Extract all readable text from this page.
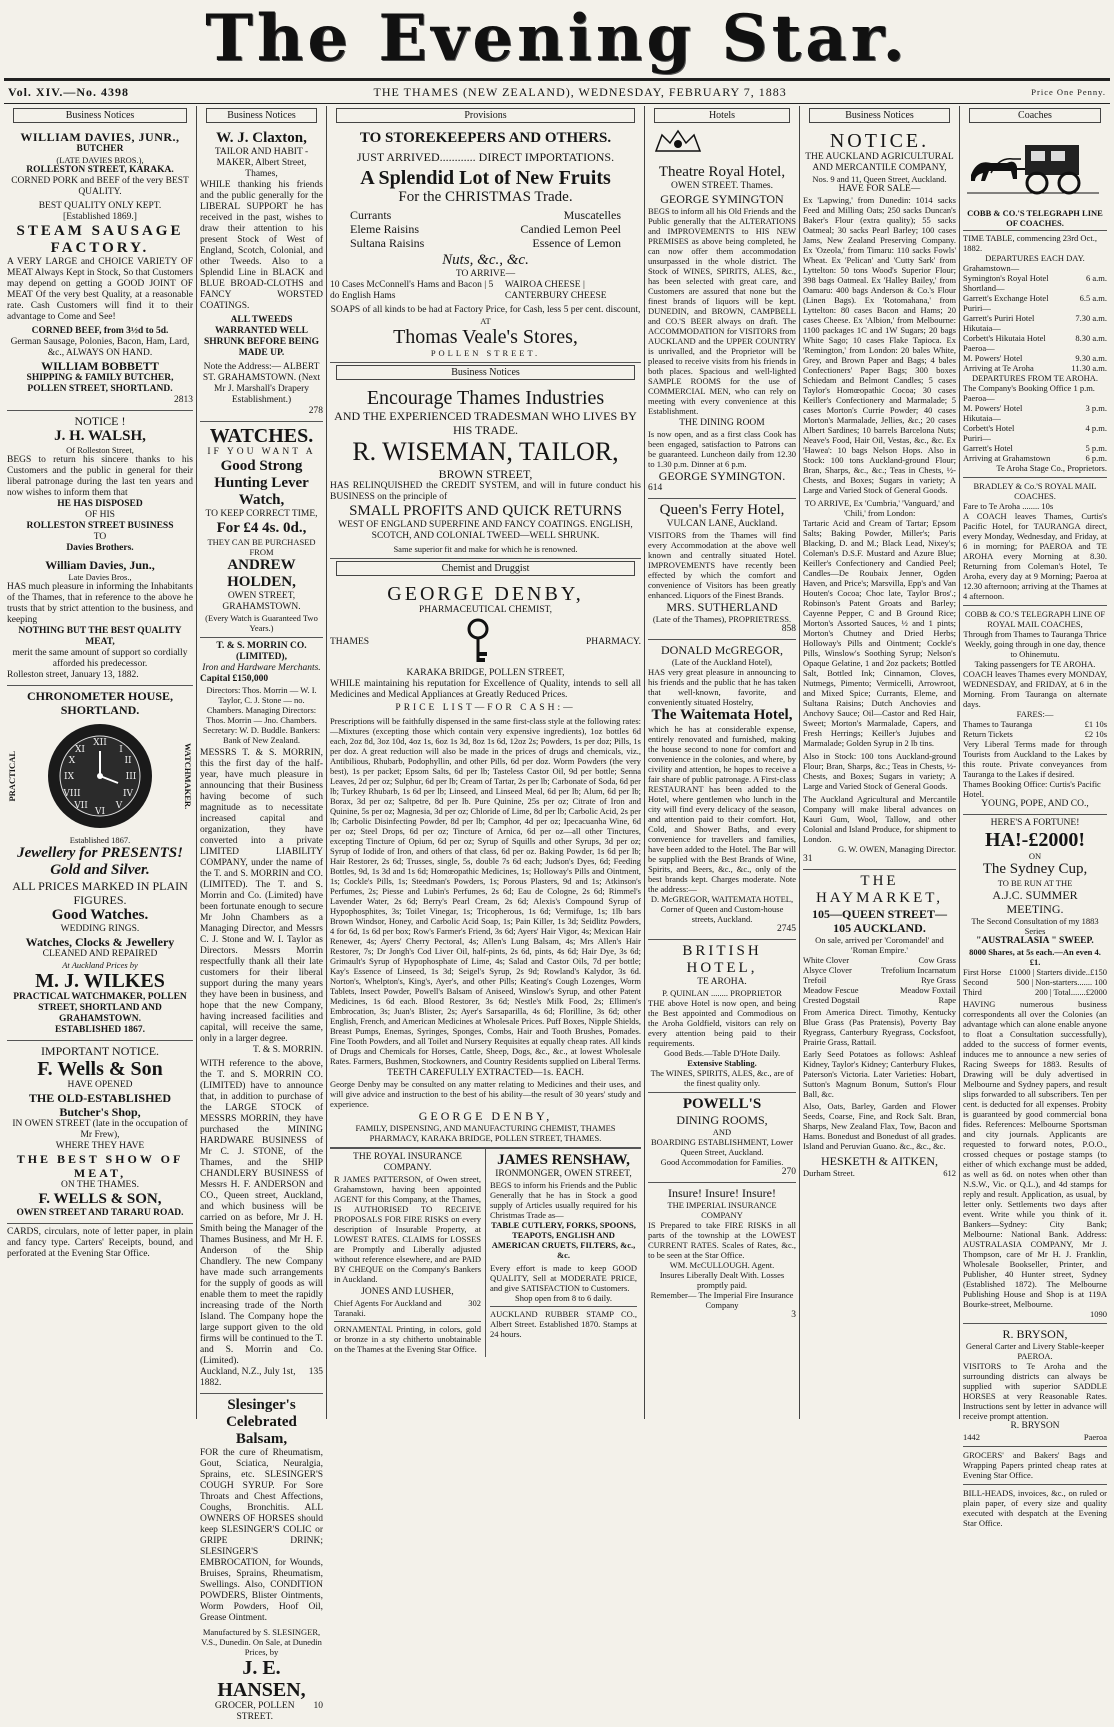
The Evening Star.
Vol. XIV.—No. 4398	THE THAMES (NEW ZEALAND), WEDNESDAY, FEBRUARY 7, 1883	Price One Penny.
Business Notices
WILLIAM DAVIES, JUNR.,
BUTCHER
(LATE DAVIES BROS.),
ROLLESTON STREET, KARAKA.
CORNED PORK and BEEF of the very BEST QUALITY.
BEST QUALITY ONLY KEPT.
[Established 1869.]
STEAM SAUSAGE FACTORY.
A VERY LARGE and CHOICE VARIETY OF MEAT Always Kept in Stock, So that Customers may depend on getting a GOOD JOINT OF MEAT Of the very best Quality, at a reasonable rate. Cash Customers will find it to their advantage to Come and See!
CORNED BEEF, from 3½d to 5d.
German Sausage, Polonies, Bacon, Ham, Lard, &c., ALWAYS ON HAND.
WILLIAM BOBBETT
SHIPPING & FAMILY BUTCHER, POLLEN STREET, SHORTLAND.
2813
NOTICE !
J. H. WALSH,
Of Rolleston Street,
BEGS to return his sincere thanks to his Customers and the public in general for their liberal patronage during the last ten years and now wishes to inform them that
HE HAS DISPOSED
OF HIS
ROLLESTON STREET BUSINESS
TO
Davies Brothers.
William Davies, Jun.,
Late Davies Bros.,
HAS much pleasure in informing the Inhabitants of the Thames, that in reference to the above he trusts that by strict attention to the business, and keeping
NOTHING BUT THE BEST QUALITY MEAT,
merit the same amount of support so cordially afforded his predecessor.
Rolleston street, January 13, 1882.
CHRONOMETER HOUSE, SHORTLAND.
PRACTICAL
XII
III
VI
IX
I
II
IV
V
VII
VIII
X
XI	WATCHMAKER.
Established 1867.
Jewellery for PRESENTS!
Gold and Silver.
ALL PRICES MARKED IN PLAIN FIGURES.
Good Watches.
WEDDING RINGS.
Watches, Clocks & Jewellery
CLEANED AND REPAIRED
At Auckland Prices by
M. J. WILKES
PRACTICAL WATCHMAKER, POLLEN STREET, SHORTLAND AND GRAHAMSTOWN.
ESTABLISHED 1867.
IMPORTANT NOTICE.
F. Wells & Son
HAVE OPENED
THE OLD-ESTABLISHED Butcher's Shop,
IN OWEN STREET (late in the occupation of Mr Frew),
WHERE THEY HAVE
THE BEST SHOW OF MEAT,
ON THE THAMES.
F. WELLS & SON,
OWEN STREET AND TARARU ROAD.
CARDS, circulars, note of letter paper, in plain and fancy type. Carters' Receipts, bound, and perforated at the Evening Star Office.
Business Notices
W. J. Claxton,
TAILOR AND HABIT - MAKER, Albert Street, Thames,
WHILE thanking his friends and the public generally for the LIBERAL SUPPORT he has received in the past, wishes to draw their attention to his present Stock of West of England, Scotch, Colonial, and other Tweeds. Also to a Splendid Line in BLACK and BLUE BROAD-CLOTHS and FANCY WORSTED COATINGS.
ALL TWEEDS WARRANTED WELL SHRUNK BEFORE BEING MADE UP.
Note the Address:— ALBERT ST. GRAHAMSTOWN. (Next Mr J. Marshall's Drapery Establishment.)
278
WATCHES.
IF YOU WANT A
Good Strong Hunting Lever Watch,
TO KEEP CORRECT TIME,
For £4 4s. 0d.,
THEY CAN BE PURCHASED FROM
ANDREW HOLDEN,
OWEN STREET, GRAHAMSTOWN.
(Every Watch is Guaranteed Two Years.)
T. & S. MORRIN CO. (LIMITED),
Iron and Hardware Merchants.
Capital £150,000
Directors: Thos. Morrin — W. I. Taylor, C. J. Stone — no. Chambers. Managing Directors: Thos. Morrin — Jno. Chambers. Secretary: W. D. Buddle. Bankers: Bank of New Zealand.
MESSRS T. & S. MORRIN, this the first day of the half-year, have much pleasure in announcing that their Business having become of such magnitude as to necessitate increased capital and organization, they have converted into a private LIMITED LIABILITY COMPANY, under the name of the T. and S. MORRIN and CO. (LIMITED). The T. and S. Morrin and Co. (Limited) have been fortunate enough to secure Mr John Chambers as a Managing Director, and Messrs C. J. Stone and W. I. Taylor as Directors. Messrs Morrin respectfully thank all their late customers for their liberal support during the many years they have been in business, and hope that the new Company, having increased facilities and capital, will receive the same, only in a larger degree.
T. & S. MORRIN.
WITH reference to the above, the T. and S. MORRIN CO. (LIMITED) have to announce that, in addition to purchase of the LARGE STOCK of MESSRS MORRIN, they have purchased the MINING HARDWARE BUSINESS of Mr C. J. STONE, of the Thames, and the SHIP CHANDLERY BUSINESS of Messrs H. F. ANDERSON and CO., Queen street, Auckland, and which business will be carried on as before, Mr J. H. Smith being the Manager of the Thames Business, and Mr H. F. Anderson of the Ship Chandlery. The new Company have made such arrangements for the supply of goods as will enable them to meet the rapidly increasing trade of the North Island. The Company hope the large support given to the old firms will be continued to the T. and S. Morrin and Co. (Limited).
Auckland, N.Z., July 1st, 1882.
135
Slesinger's Celebrated Balsam,
FOR the cure of Rheumatism, Gout, Sciatica, Neuralgia, Sprains, etc. SLESINGER'S COUGH SYRUP. For Sore Throats and Chest Affections, Coughs, Bronchitis. ALL OWNERS OF HORSES should keep SLESINGER'S COLIC or GRIPE DRINK; SLESINGER'S EMBROCATION, for Wounds, Bruises, Sprains, Rheumatism, Swellings. Also, CONDITION POWDERS, Blister Ointments, Worm Powders, Hoof Oil, Grease Ointment.
Manufactured by S. SLESINGER, V.S., Dunedin. On Sale, at Dunedin Prices, by
J. E. HANSEN,
GROCER, POLLEN STREET.
10
Provisions
TO STOREKEEPERS AND OTHERS.
JUST ARRIVED............ DIRECT IMPORTATIONS.
A Splendid Lot of New Fruits
For the CHRISTMAS Trade.
Currants	Muscatelles
Eleme Raisins	Candied Lemon Peel
Sultana Raisins	Essence of Lemon
Nuts, &c., &c.
TO ARRIVE—
10 Cases McConnell's Hams and Bacon | 5 do English Hams
WAIROA CHEESE | CANTERBURY CHEESE
SOAPS of all kinds to be had at Factory Price, for Cash, less 5 per cent. discount,
AT
Thomas Veale's Stores,
POLLEN STREET.
Business Notices
Encourage Thames Industries
AND THE EXPERIENCED TRADESMAN WHO LIVES BY HIS TRADE.
R. WISEMAN, TAILOR,
BROWN STREET,
HAS RELINQUISHED the CREDIT SYSTEM, and will in future conduct his BUSINESS on the principle of
SMALL PROFITS AND QUICK RETURNS
WEST OF ENGLAND SUPERFINE AND FANCY COATINGS. ENGLISH, SCOTCH, AND COLONIAL TWEED—WELL SHRUNK.
Same superior fit and make for which he is renowned.
Chemist and Druggist
GEORGE DENBY,
PHARMACEUTICAL CHEMIST,
THAMES	PHARMACY.
KARAKA BRIDGE, POLLEN STREET,
WHILE maintaining his reputation for Excellence of Quality, intends to sell all Medicines and Medical Appliances at Greatly Reduced Prices.
PRICE LIST—FOR CASH:—
Prescriptions will be faithfully dispensed in the same first-class style at the following rates:—Mixtures (excepting those which contain very expensive ingredients), 1oz bottles 6d each, 2oz 8d, 3oz 10d, 4oz 1s, 6oz 1s 3d, 8oz 1s 6d, 12oz 2s; Powders, 1s per doz; Pills, 1s per doz. A great reduction will also be made in the prices of drugs and chemicals, viz., Antibilious, Rhubarb, Podophyllin, and other Pills, 6d per doz. Worm Powders (the very best), 1s per packet; Epsom Salts, 6d per lb; Tasteless Castor Oil, 9d per bottle; Senna Leaves, 2d per oz; Sulphur, 6d per lb; Cream of Tartar, 2s per lb; Carbonate of Soda, 6d per lb; Turkey Rhubarb, 1s 6d per lb; Linseed, and Linseed Meal, 6d per lb; Alum, 6d per lb; Borax, 3d per oz; Saltpetre, 8d per lb. Pure Quinine, 25s per oz; Citrate of Iron and Quinine, 5s per oz; Magnesia, 3d per oz; Chloride of Lime, 8d per lb; Carbolic Acid, 2s per lb; Carbolic Disinfecting Powder, 8d per lb; Camphor, 4d per oz; Ipecacuanha Wine, 6d per oz; Steel Drops, 6d per oz; Tincture of Arnica, 6d per oz—all other Tinctures, excepting Tincture of Opium, 6d per oz; Syrup of Squills and other Syrups, 3d per oz; Syrup of Iodide of Iron, and others of that class, 6d per oz. Baking Powder, 1s 6d per lb; Hair Restorer, 2s 6d; Trusses, single, 5s, double 7s 6d each; Judson's Dyes, 6d; Feeding Bottles, 9d, 1s 3d and 1s 6d; Homœopathic Medicines, 1s; Holloway's Pills and Ointment, 1s; Cockle's Pills, 1s; Steedman's Powders, 1s; Porous Plasters, 9d and 1s; Atkinson's Perfumes, 2s; Piesse and Lubin's Perfumes, 2s 6d; Eau de Cologne, 2s 6d; Rimmel's Lavender Water, 2s 6d; Berry's Pearl Cream, 2s 6d; Alexis's Compound Syrup of Hypophosphites, 3s; Toilet Vinegar, 1s; Tricopherous, 1s 6d; Vermifuge, 1s; 1lb bars Brown Windsor, Honey, and Carbolic Acid Soap, 1s; Pain Killer, 1s 3d; Seidlitz Powders, 4 for 6d, 1s 6d per box; Row's Farmer's Friend, 3s 6d; Ayers' Hair Vigor, 4s; Mexican Hair Renewer, 4s; Ayers' Cherry Pectoral, 4s; Allen's Lung Balsam, 4s; Mrs Allen's Hair Restorer, 7s; Dr Jongh's Cod Liver Oil, half-pints, 2s 6d, pints, 4s 6d; Hair Dye, 3s 6d; Grimault's Syrup of Hypophosphate of Lime, 4s; Salad and Castor Oils, 7d per bottle; Kay's Essence of Linseed, 1s 3d; Seigel's Syrup, 2s 9d; Rowland's Kalydor, 3s 6d. Norton's, Whelpton's, King's, Ayer's, and other Pills; Keating's Cough Lozenges, Worm Tablets, Insect Powder, Powell's Balsam of Aniseed, Winslow's Syrup, and other Patent Medicines, 1s 6d each. Blood Restorer, 3s 6d; Nestle's Milk Food, 2s; Ellimen's Embrocation, 3s; Juan's Blister, 2s; Ayer's Sarsaparilla, 4s 6d; Florilline, 3s 6d; other English, French, and American Medicines at Wholesale Prices. Puff Boxes, Nipple Shields, Breast Pumps, Enemas, Syringes, Sponges, Combs, Hair and Tooth Brushes, Pomades. Fine Tooth Powders, and all Toilet and Nursery Requisites at equally cheap rates. All kinds of Drugs and Chemicals for Horses, Cattle, Sheep, Dogs, &c., &c., at lowest Wholesale Rates. Farmers, Bushmen, Stockowners, and Country Residents supplied on Liberal Terms.
TEETH CAREFULLY EXTRACTED—1s. EACH.
George Denby may be consulted on any matter relating to Medicines and their uses, and will give advice and instruction to the best of his ability—the result of 30 years' study and experience.
GEORGE DENBY,
FAMILY, DISPENSING, AND MANUFACTURING CHEMIST, THAMES PHARMACY, KARAKA BRIDGE, POLLEN STREET, THAMES.
THE ROYAL INSURANCE COMPANY.
R JAMES PATTERSON, of Owen street, Grahamstown, having been appointed AGENT for this Company, at the Thames, IS AUTHORISED TO RECEIVE PROPOSALS FOR FIRE RISKS on every description of Insurable Property, at LOWEST RATES. CLAIMS for LOSSES are Promptly and Liberally adjusted without reference elsewhere, and are PAID BY CHEQUE on the Company's Bankers in Auckland.
JONES AND LUSHER,
Chief Agents For Auckland and Taranaki.
302
ORNAMENTAL Printing, in colors, gold or bronze in a sty chitherto unobtainable on the Thames at the Evening Star Office.
JAMES RENSHAW,
IRONMONGER, OWEN STREET,
BEGS to inform his Friends and the Public Generally that he has in Stock a good supply of Articles usually required for his Christmas Trade as—
TABLE CUTLERY, FORKS, SPOONS, TEAPOTS, ENGLISH AND AMERICAN CRUETS, FILTERS, &c., &c.
Every effort is made to keep GOOD QUALITY, Sell at MODERATE PRICE, and give SATISFACTION to Customers.
Shop open from 8 to 6 daily.
AUCKLAND RUBBER STAMP CO., Albert Street. Established 1870. Stamps at 24 hours.
Hotels
Theatre Royal Hotel,
OWEN STREET. Thames.
GEORGE SYMINGTON
BEGS to inform all his Old Friends and the Public generally that the ALTERATIONS and IMPROVEMENTS to HIS NEW PREMISES as above being completed, he can now offer them accommodation unsurpassed in the whole district. The Stock of WINES, SPIRITS, ALES, &c., has been selected with great care, and Customers are assured that none but the finest brands of liquors will be kept. DUNEDIN, and BROWN, CAMPBELL and CO.'S BEER always on draft. The ACCOMMODATION for VISITORS from AUCKLAND and the UPPER COUNTRY is unrivalled, and the Proprietor will be pleased to receive visits from his friends in both places. Spacious and well-lighted SAMPLE ROOMS for the use of COMMERCIAL MEN, who can rely on meeting with every convenience at this Establishment.
THE DINING ROOM
Is now open, and as a first class Cook has been engaged, satisfaction to Patrons can be guaranteed. Luncheon daily from 12.30 to 1.30 p.m. Dinner at 6 p.m.
GEORGE SYMINGTON.
614
Queen's Ferry Hotel,
VULCAN LANE, Auckland.
VISITORS from the Thames will find every Accommodation at the above well known and centrally situated Hotel. IMPROVEMENTS have recently been effected by which the comfort and convenience of Visitors has been greatly enhanced. Liquors of the Finest Brands.
MRS. SUTHERLAND
(Late of the Thames), PROPRIETRESS.
858
DONALD McGREGOR,
(Late of the Auckland Hotel),
HAS very great pleasure in announcing to his friends and the public that he has taken that well-known, favorite, and conveniently situated Hostelry,
The Waitemata Hotel,
which he has at considerable expense, entirely renovated and furnished, making the house second to none for comfort and convenience in the colonies, and where, by civility and attention, he hopes to receive a fair share of public patronage. A First-class RESTAURANT has been added to the Hotel, where gentlemen who lunch in the city will find every delicacy of the season, and attention paid to their comfort. Hot, Cold, and Shower Baths, and every convenience for travellers and families, have been added to the Hotel. The Bar will be supplied with the Best Brands of Wine, Spirits, and Beers, &c., &c., only of the best brands kept. Charges moderate. Note the address:—
D. McGREGOR, WAITEMATA HOTEL, Corner of Queen and Custom-house streets, Auckland.
2745
BRITISH HOTEL,
TE AROHA.
P. QUINLAN ........ PROPRIETOR
THE above Hotel is now open, and being the Best appointed and Commodious on the Aroha Goldfield, visitors can rely on every attention being paid to their requirements.
Good Beds.—Table D'Hote Daily.
Extensive Stabling.
The WINES, SPIRITS, ALES, &c., are of the finest quality only.
POWELL'S
DINING ROOMS,
AND
BOARDING ESTABLISHMENT, Lower Queen Street, Auckland.
Good Accommodation for Families.
270
Insure! Insure! Insure!
THE IMPERIAL INSURANCE COMPANY
IS Prepared to take FIRE RISKS in all parts of the township at the LOWEST CURRENT RATES. Scales of Rates, &c., to be seen at the Star Office.
WM. McCULLOUGH. Agent.
Insures Liberally Dealt With. Losses promptly paid.
Remember— The Imperial Fire Insurance Company
3
Business Notices
NOTICE.
THE AUCKLAND AGRICULTURAL AND MERCANTILE COMPANY,
Nos. 9 and 11, Queen Street, Auckland.
HAVE FOR SALE—
Ex 'Lapwing,' from Dunedin: 1014 sacks Feed and Milling Oats; 250 sacks Duncan's Baker's Flour (extra quality); 55 sacks Oatmeal; 30 sacks Pearl Barley; 100 cases Jams, New Zealand Preserving Company. Ex 'Ozeola,' from Timaru: 110 sacks Fowls' Wheat. Ex 'Pelican' and 'Cutty Sark' from Lyttelton: 50 tons Wood's Superior Flour; 398 bags Oatmeal. Ex 'Halley Bailey,' from Oamaru: 400 bags Anderson & Co.'s Flour (Linen Bags). Ex 'Rotomahana,' from Lyttelton: 80 cases Bacon and Hams; 20 cases Cheese. Ex 'Albion,' from Melbourne: 1100 packages 1C and 1W Sugars; 20 bags White Sago; 10 cases Flake Tapioca. Ex 'Remington,' from London: 20 bales White, Grey, and Brown Paper and Bags; 4 bales Confectioners' Paper Bags; 300 boxes Schiedam and Belmont Candles; 5 cases Taylor's Homœopathic Cocoa; 30 cases Keiller's Confectionery and Marmalade; 5 cases Morton's Currie Powder; 40 cases Morton's Marmalade, Jellies, &c.; 20 cases Albert Sardines; 10 barrels Barcelona Nuts; Neave's Food, Hair Oil, Vestas, &c., &c. Ex 'Hawea': 10 bags Nelson Hops. Also in Stock: 100 tons Auckland-ground Flour; Bran, Sharps, &c., &c.; Teas in Chests, ½-Chests, and Boxes; Sugars in variety; A Large and Varied Stock of General Goods.
TO ARRIVE, Ex 'Cumbria,' 'Vanguard,' and 'Chili,' from London:
Tartaric Acid and Cream of Tartar; Epsom Salts; Baking Powder, Miller's; Paris Blacking, D. and M.; Black Lead, Nixey's; Coleman's D.S.F. Mustard and Azure Blue; Keiller's Confectionery and Candied Peel; Candles—De Roubaix Jenner, Ogden Haven, and Price's; Marsvilla, Epp's and Van Houten's Cocoa; Choc late, Taylor Bros'.; Robinson's Patent Groats and Barley; Cayenne Pepper, C and B Ground Rice; Morton's Assorted Sauces, ½ and 1 pints; Morton's Chutney and Dried Herbs; Holloway's Pills and Ointment; Cockle's Pills, Winslow's Soothing Syrup; Nelson's Opaque Gelatine, 1 and 2oz packets; Bottled Salt, Bottled Ink; Cinnamon, Cloves, Nutmegs, Pimento; Vermicelli, Arrowroot, and Mixed Spice; Currants, Eleme, and Sultana Raisins; Dutch Anchovies and Anchovy Sauce; Oil—Castor and Red Hair, Sweet; Morton's Marmalade, Capers, and Fresh Herrings; Keiller's Jujubes and Marmalade; Golden Syrup in 2 lb tins.
Also in Stock: 100 tons Auckland-ground Flour; Bran, Sharps, &c.; Teas in Chests, ½-Chests, and Boxes; Sugars in variety; A Large and Varied Stock of General Goods.
The Auckland Agricultural and Mercantile Company will make liberal advances on Kauri Gum, Wool, Tallow, and other Colonial and Island Produce, for shipment to London.
G. W. OWEN, Managing Director.
31
THE HAYMARKET,
105—QUEEN STREET—105 AUCKLAND.
On sale, arrived per 'Coromandel' and 'Roman Empire.'
White Clover	Cow Grass
Alsyce Clover	Trefolium Incarnatum
Trefoil	Rye Grass
Meadow Fescue	Meadow Foxtail
Crested Dogstail	Rape
From America Direct. Timothy, Kentucky Blue Grass (Pas Pratensis), Poverty Bay Ryegrass, Canterbury Ryegrass, Cocksfoot, Prairie Grass, Rattail.
Early Seed Potatoes as follows: Ashleaf Kidney, Taylor's Kidney; Canterbury Flukes, Paterson's Victoria. Later Varieties: Hobart, Sutton's Magnum Bonum, Sutton's Flour Ball, &c.
Also, Oats, Barley, Garden and Flower Seeds, Coarse, Fine, and Rock Salt. Bran, Sharps, New Zealand Flax, Tow, Bacon and Hams. Bonedust and Bonedust of all grades. Island and Peruvian Guano. &c., &c., &c.
HESKETH & AITKEN,
Durham Street.	612
Coaches
COBB & CO.'S TELEGRAPH LINE OF COACHES.
TIME TABLE, commencing 23rd Oct., 1882.
DEPARTURES EACH DAY.
Grahamstown—
Symington's Royal Hotel	6 a.m.
Shortland—
Garrett's Exchange Hotel	6.5 a.m.
Puriri—
Garrett's Puriri Hotel	7.30 a.m.
Hikutaia—
Corbett's Hikutaia Hotel	8.30 a.m.
Paeroa—
M. Powers' Hotel	9.30 a.m.
Arriving at Te Aroha	11.30 a.m.
DEPARTURES FROM TE AROHA.
The Company's Booking Office 1 p.m.
Paeroa—
M. Powers' Hotel	3 p.m.
Hikutaia—
Corbett's Hotel	4 p.m.
Puriri—
Garrett's Hotel	5 p.m.
Arriving at Grahamstown	6 p.m.
Te Aroha Stage Co., Proprietors.
BRADLEY & Co.'S ROYAL MAIL COACHES.
Fare to Te Aroha ........ 10s
A COACH leaves Thames, Curtis's Pacific Hotel, for TAURANGA direct, every Monday, Wednesday, and Friday, at 6 in morning; for PAEROA and TE AROHA every Morning at 8.30. Returning from Coleman's Hotel, Te Aroha, every day at 9 Morning; Paeroa at 12.30 afternoon; arriving at the Thames at 4 afternoon.
COBB & CO.'S TELEGRAPH LINE OF ROYAL MAIL COACHES,
Through from Thames to Tauranga Thrice Weekly, going through in one day, thence to Ohinemutu.
Taking passengers for TE AROHA.
COACH leaves Thames every MONDAY, WEDNESDAY, and FRIDAY, at 6 in the Morning. From Tauranga on alternate days.
FARES:—
Thames to Tauranga	£1 10s
Return Tickets	£2 10s
Very Liberal Terms made for through Tourists from Auckland to the Lakes by this route. Private conveyances from Tauranga to the Lakes if desired.
Thames Booking Office: Curtis's Pacific Hotel.
YOUNG, POPE, AND CO.,
HERE'S A FORTUNE!
HA!-£2000!
ON
The Sydney Cup,
TO BE RUN AT THE
A.J.C. SUMMER MEETING.
The Second Consultation of my 1883 Series
"AUSTRALASIA " SWEEP.
8000 Shares, at 5s each.—An even 4. £1.
First Horse £1000 | Starters divide..£150
Second	500 | Non-starters....... 100
Third	200 | Total.......£2000
HAVING numerous business correspondents all over the Colonies (an advantage which can alone enable anyone to float a Consultation successfully), added to the success of former events, induces me to announce a new series of Racing Sweeps for 1883. Results of Drawing will be duly advertised in Melbourne and Sydney papers, and result slips forwarded to all subscribers. Ten per cent. is deducted for all expenses. Probity is guaranteed by good commercial bona fides. References: Melbourne Sportsman and city journals. Applicants are requested to forward notes, P.O.O., crossed cheques or postage stamps (to either of which exchange must be added, as well as 6d. on notes when other than N.S.W., Vic. or Q.L.), and 4d stamps for reply and result. Application, as usual, by letter only. Settlements two days after event. Write while you think of it. Bankers—Sydney: City Bank; Melbourne: National Bank. Address: AUSTRALASIA COMPANY, Mr J. Thompson, care of Mr H. J. Franklin, Wholesale Bookseller, Printer, and Publisher, 40 Hunter street, Sydney (Established 1872). The Melbourne Publishing House and Shop is at 119A Bourke-street, Melbourne.
1090
R. BRYSON,
General Carter and Livery Stable-keeper PAEROA.
VISITORS to Te Aroha and the surrounding districts can always be supplied with superior SADDLE HORSES at very Reasonable Rates. Instructions sent by letter in advance will receive prompt attention.
R. BRYSON
1442	Paeroa
GROCERS' and Bakers' Bags and Wrapping Papers printed cheap rates at Evening Star Office.
BILL-HEADS, invoices, &c., on ruled or plain paper, of every size and quality executed with despatch at the Evening Star Office.
